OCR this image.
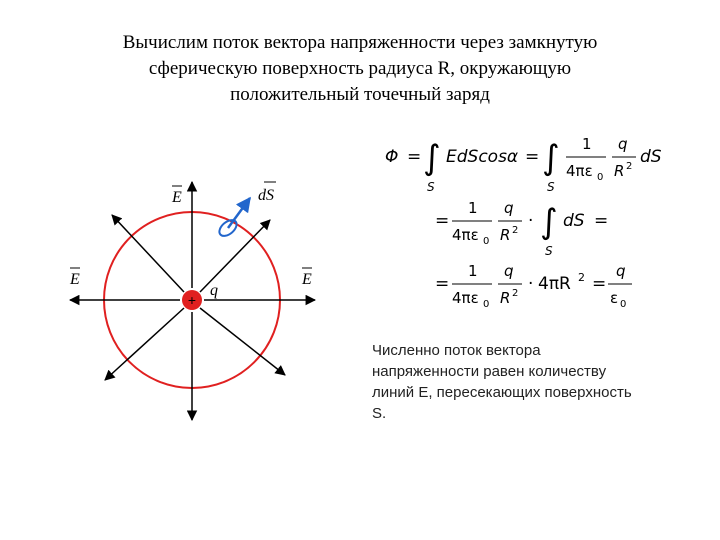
Вычислим поток вектора напряженности через замкнутую
сферическую поверхность радиуса R, окружающую
положительный точечный заряд
+
q
E
E	E
dS
Φ = ∫
S
EdScosα = ∫
S
1
4πε 0
q
R 2 dS
=
1
4πε 0
q
R 2 · ∫
S
dS =
=
1
4πε 0
q
R 2 · 4πR 2 =
q
ε 0
Численно поток вектора
напряженности равен количеству
линий E, пересекающих поверхность
S.
